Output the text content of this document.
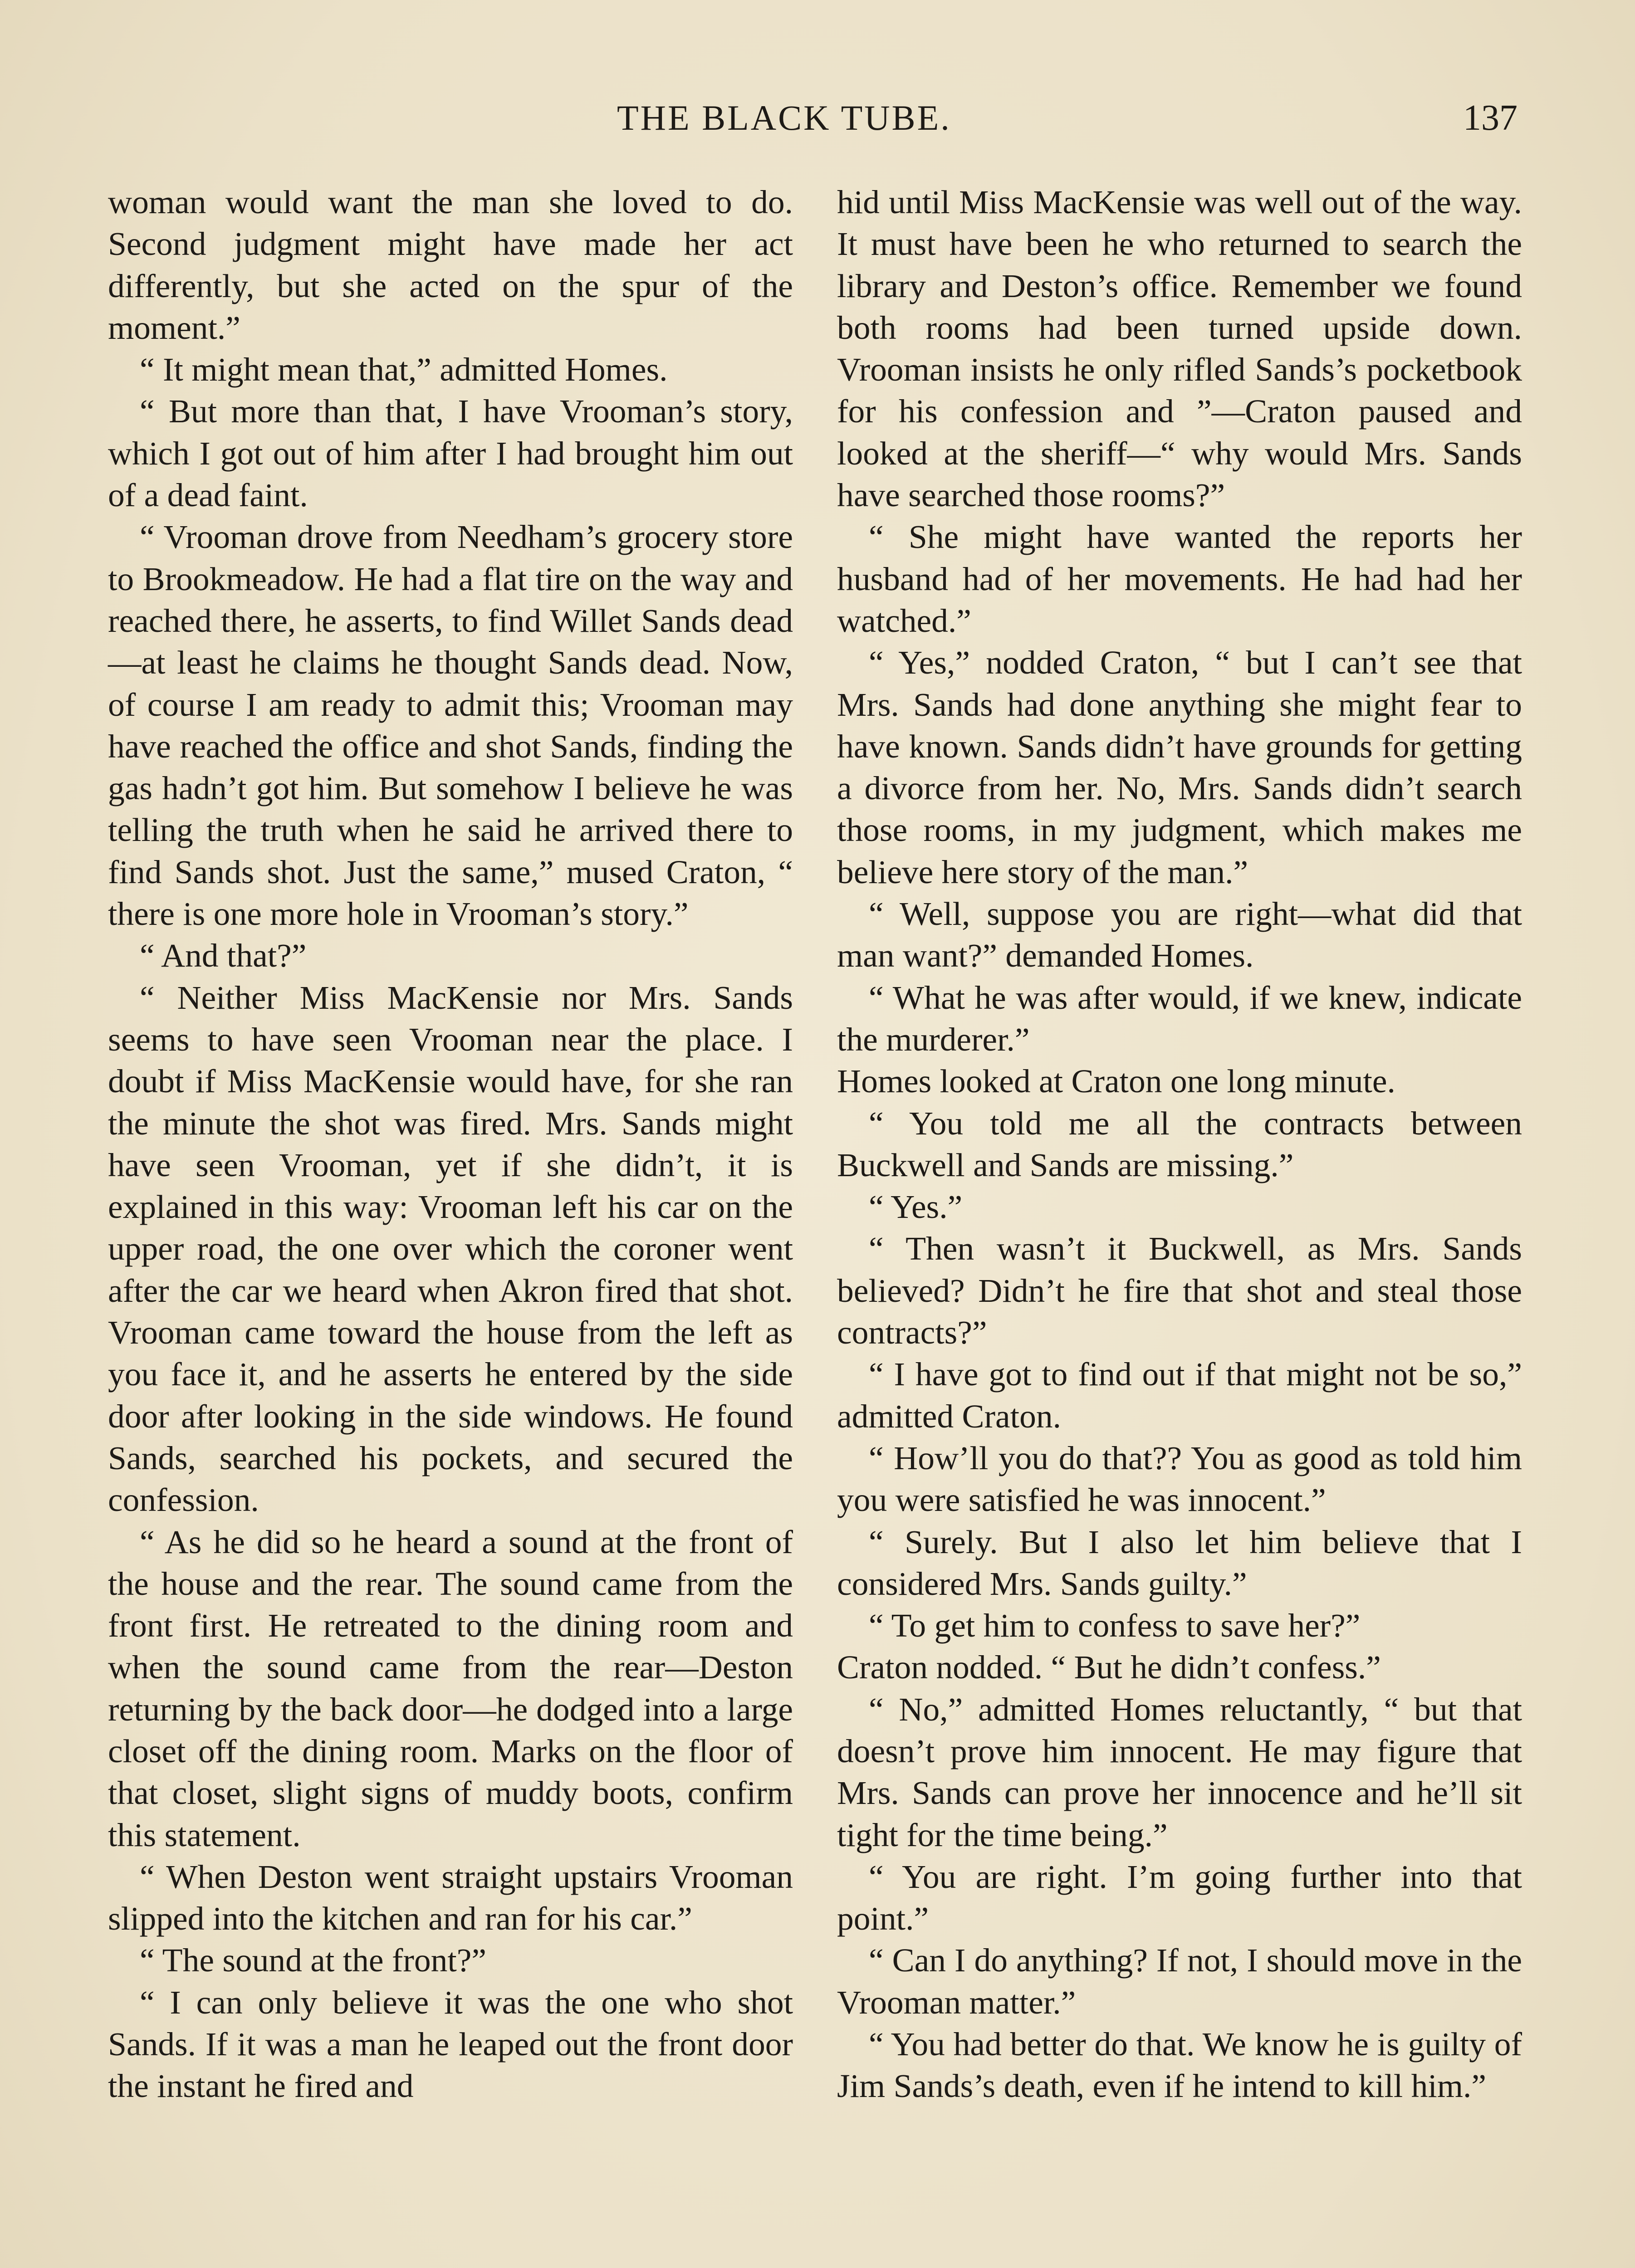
THE BLACK TUBE.	137

woman would want the man she loved to do. Second judgment might have made her act differently, but she acted on the spur of the moment.”

“ It might mean that,” admitted Homes.

“ But more than that, I have Vrooman’s story, which I got out of him after I had brought him out of a dead faint.

“ Vrooman drove from Needham’s grocery store to Brookmeadow. He had a flat tire on the way and reached there, he asserts, to find Willet Sands dead—at least he claims he thought Sands dead. Now, of course I am ready to admit this; Vrooman may have reached the office and shot Sands, finding the gas hadn’t got him. But somehow I believe he was telling the truth when he said he arrived there to find Sands shot. Just the same,” mused Craton, “ there is one more hole in Vrooman’s story.”

“ And that?”

“ Neither Miss MacKensie nor Mrs. Sands seems to have seen Vrooman near the place. I doubt if Miss MacKensie would have, for she ran the minute the shot was fired. Mrs. Sands might have seen Vrooman, yet if she didn’t, it is explained in this way: Vrooman left his car on the upper road, the one over which the coroner went after the car we heard when Akron fired that shot. Vrooman came toward the house from the left as you face it, and he asserts he entered by the side door after looking in the side windows. He found Sands, searched his pockets, and secured the confession.

“ As he did so he heard a sound at the front of the house and the rear. The sound came from the front first. He retreated to the dining room and when the sound came from the rear—Deston returning by the back door—he dodged into a large closet off the dining room. Marks on the floor of that closet, slight signs of muddy boots, confirm this statement.

“ When Deston went straight upstairs Vrooman slipped into the kitchen and ran for his car.”

“ The sound at the front?”

“ I can only believe it was the one who shot Sands. If it was a man he leaped out the front door the instant he fired and

hid until Miss MacKensie was well out of the way. It must have been he who returned to search the library and Deston’s office. Remember we found both rooms had been turned upside down. Vrooman insists he only rifled Sands’s pocketbook for his confession and ”—Craton paused and looked at the sheriff—“ why would Mrs. Sands have searched those rooms?”

“ She might have wanted the reports her husband had of her movements. He had had her watched.”

“ Yes,” nodded Craton, “ but I can’t see that Mrs. Sands had done anything she might fear to have known. Sands didn’t have grounds for getting a divorce from her. No, Mrs. Sands didn’t search those rooms, in my judgment, which makes me believe here story of the man.”

“ Well, suppose you are right—what did that man want?” demanded Homes.

“ What he was after would, if we knew, indicate the murderer.”

Homes looked at Craton one long minute.

“ You told me all the contracts between Buckwell and Sands are missing.”

“ Yes.”

“ Then wasn’t it Buckwell, as Mrs. Sands believed? Didn’t he fire that shot and steal those contracts?”

“ I have got to find out if that might not be so,” admitted Craton.

“ How’ll you do that?? You as good as told him you were satisfied he was innocent.”

“ Surely. But I also let him believe that I considered Mrs. Sands guilty.”

“ To get him to confess to save her?”

Craton nodded. “ But he didn’t confess.”

“ No,” admitted Homes reluctantly, “ but that doesn’t prove him innocent. He may figure that Mrs. Sands can prove her innocence and he’ll sit tight for the time being.”

“ You are right. I’m going further into that point.”

“ Can I do anything? If not, I should move in the Vrooman matter.”

“ You had better do that. We know he is guilty of Jim Sands’s death, even if he intend to kill him.”
